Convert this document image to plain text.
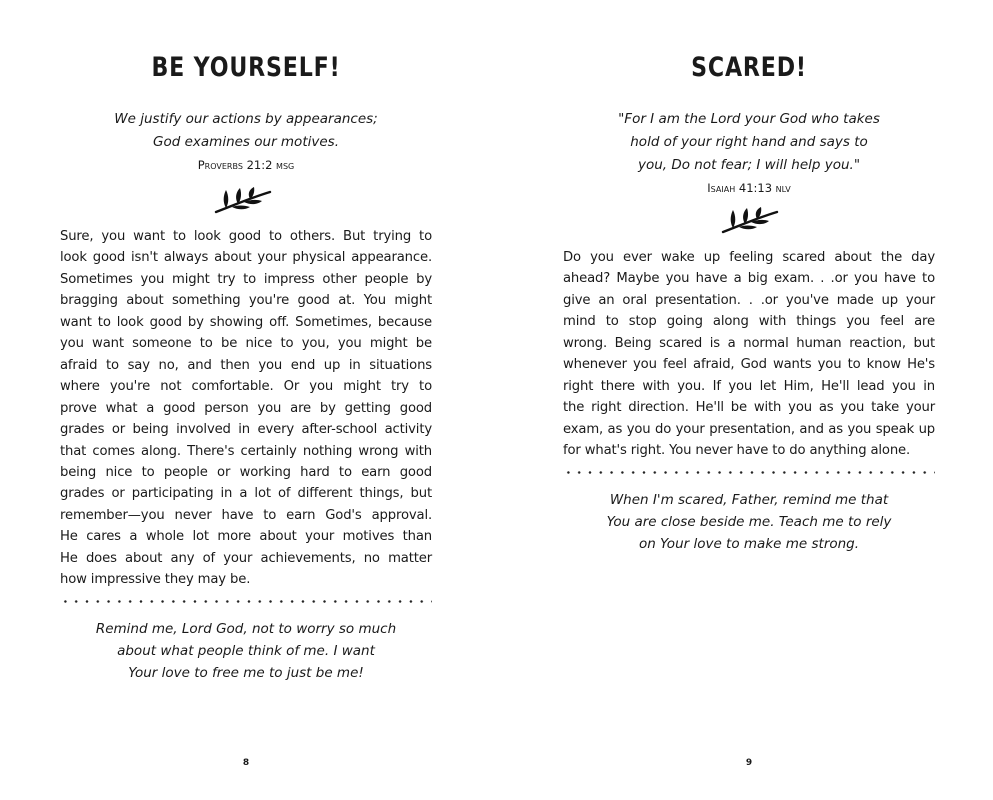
BE YOURSELF!
We justify our actions by appearances;
God examines our motives.
Proverbs 21:2 msg
Sure, you want to look good to others. But trying to
look good isn't always about your physical appearance.
Sometimes you might try to impress other people by
bragging about something you're good at. You might
want to look good by showing off. Sometimes, because
you want someone to be nice to you, you might be
afraid to say no, and then you end up in situations
where you're not comfortable. Or you might try to
prove what a good person you are by getting good
grades or being involved in every after-school activity
that comes along. There's certainly nothing wrong with
being nice to people or working hard to earn good
grades or participating in a lot of different things, but
remember—you never have to earn God's approval.
He cares a whole lot more about your motives than
He does about any of your achievements, no matter
how impressive they may be.
Remind me, Lord God, not to worry so much
about what people think of me. I want
Your love to free me to just be me!
8
SCARED!
"For I am the Lord your God who takes
hold of your right hand and says to
you, Do not fear; I will help you."
Isaiah 41:13 nlv
Do you ever wake up feeling scared about the day
ahead? Maybe you have a big exam. . .or you have to
give an oral presentation. . .or you've made up your
mind to stop going along with things you feel are
wrong. Being scared is a normal human reaction, but
whenever you feel afraid, God wants you to know He's
right there with you. If you let Him, He'll lead you in
the right direction. He'll be with you as you take your
exam, as you do your presentation, and as you speak up
for what's right. You never have to do anything alone.
When I'm scared, Father, remind me that
You are close beside me. Teach me to rely
on Your love to make me strong.
9
